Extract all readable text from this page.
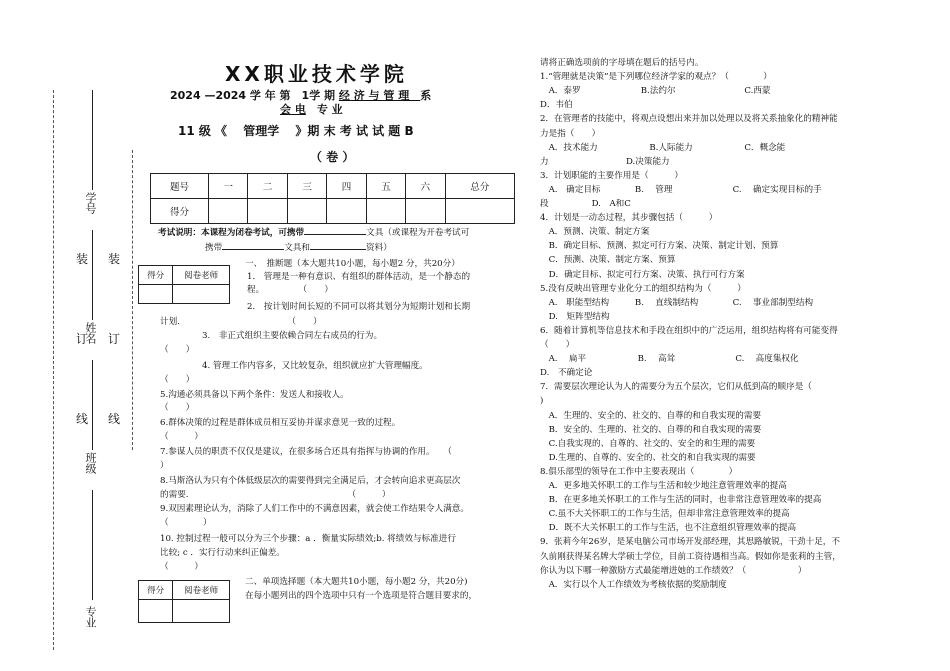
装
订
线
装
订
线
学号
姓名
班级
专业
XX职业技术学院
2024 —2024 学 年 第　1学 期 经 济 与 管 理　系
会 电　 专 业
11 级 《　 管理学 　》期 末 考 试 试 题 B
（ 卷 ）
题号	一	二	三	四	五	六	总分
得分							
考试说明：本课程为闭卷考试，可携带	文具（或课程为开卷考试可
携带	文具和	资料）
得分	阅卷老师

一、　推断题（本大题共10小题，每小题2 分，共20分）
1． 管理是一种有意识、有组织的群体活动，是一个静态的
程。　　　　　（　　）
2． 按计划时间长短的不同可以将其划分为短期计划和长期
计划.　　　　　　　　　　　　　（　　）
3.　非正式组织主要依赖合同左右成员的行为。
（　　）
4. 管理工作内容多，又比较复杂，组织就应扩大管理幅度。
（　　）
5.沟通必须具备以下两个条件：发送人和接收人。
（　　）
6.群体决策的过程是群体成员相互妥协并谋求意见一致的过程。
（　　　）
7.参谋人员的职责不仅仅是建议，在很多场合还具有指挥与协调的作用。　　（
）
8.马斯洛认为只有个体低级层次的需要得到完全满足后，才会转向追求更高层次
的需要.　　　　　　　　　　　　　　　　　　　（　　　）
9.双因素理论认为，消除了人们工作中的不满意因素，就会使工作结果令人满意。
（　　　　）
10. 控制过程一般可以分为三个步骤：a ．衡量实际绩效;b. 将绩效与标准进行
比较; c ．实行行动来纠正偏差。
（　　　）
得分	阅卷老师

二、单项选择题（本大题共10小题，每小题2 分，共20分)
在每小题列出的四个选项中只有一个选项是符合题目要求的，
请将正确选项前的字母填在题后的括号内。
1.“管理就是决策”是下列哪位经济学家的观点？（　　　　）
　A．泰罗　　　　　　　B.法约尔　　　　　　　　C.西蒙
D．韦伯
2．在管理者的技能中，将观点设想出来并加以处理以及将关系抽象化的精神能
力是指（　　）
　A．技术能力　　　　　　B.人际能力　　　　　　C．概念能
力　　　　　　　　　D.决策能力
3．计划职能的主要作用是（　　　）
　A.　确定目标　　　　B.　 管理　　　　　　　C.　 确定实现目标的手
段　　　　　D.　A和C
4．计划是一动态过程，其步骤包括（　　　）
　A．预测、决策、制定方案
　B．确定目标、预测、拟定可行方案、决策、制定计划、预算
　C．预测、决策、制定方案、预算
　D．确定目标、拟定可行方案、决策、执行可行方案
5.没有反映出管理专业化分工的组织结构为（　　　）
　A.　职能型结构　　　B.　 直线制结构　　　　C.　 事业部制型结构
　D.　矩阵型结构
6．随着计算机等信息技术和手段在组织中的广泛运用，组织结构将有可能变得
（　　）
　A.　 扁平　　　　　　B.　 高耸　　　　　　　C.　 高度集权化
D.　不确定论
7．需要层次理论认为人的需要分为五个层次，它们从低到高的顺序是（
)
　A．生理的、安全的、社交的、自尊的和自我实现的需要
　B．安全的、生理的、社交的、自尊的和自我实现的需要
　C.自我实现的、自尊的、社交的、安全的和生理的需要
　D.生理的、自尊的、安全的、社交的和自我实现的需要
8.俱乐部型的领导在工作中主要表现出（　　　　）
　A．更多地关怀职工的工作与生活和较少地注意管理效率的提高
　B．在更多地关怀职工的工作与生活的同时，也非常注意管理效率的提高
　C.虽不大关怀职工的工作与生活，但却非常注意管理效率的提高
　D．既不大关怀职工的工作与生活，也不注意组织管理效率的提高
9．张莉今年26岁，是某电脑公司市场开发部经理，其思路敏锐，干劲十足，不
久前刚获得某名牌大学硕士学位，目前工资待遇相当高。假如你是张莉的主管，
你认为以下哪一种激励方式最能增进她的工作绩效？（　　　　　　）
　A．实行以个人工作绩效为考核依据的奖励制度
